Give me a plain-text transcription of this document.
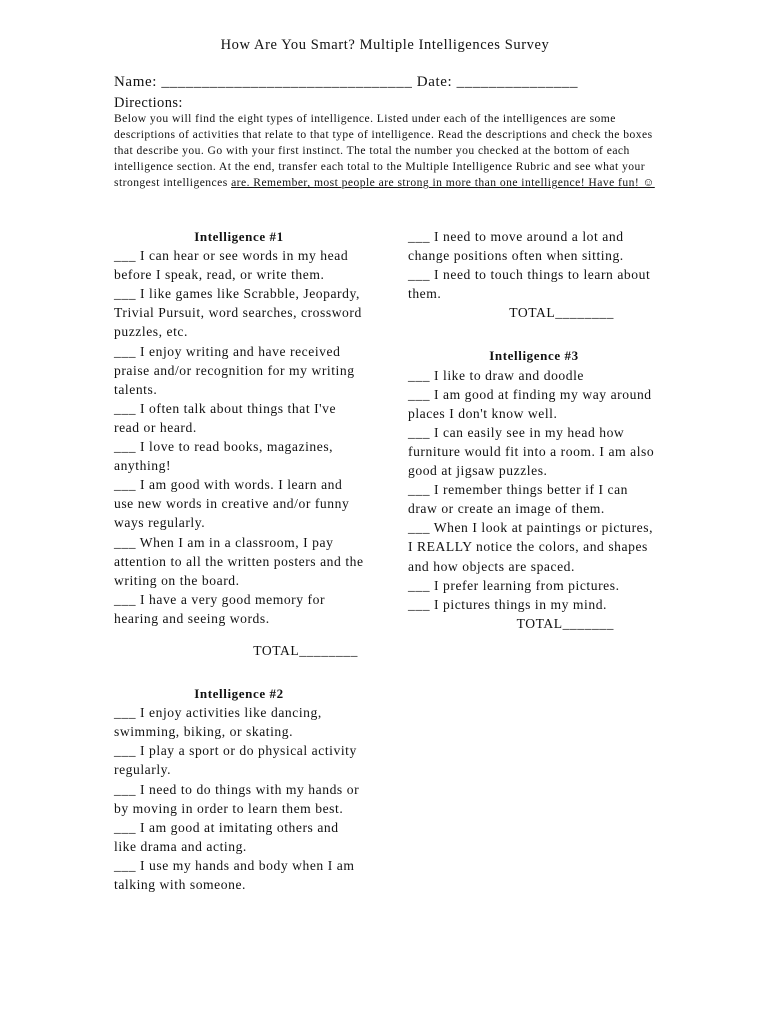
How Are You Smart? Multiple Intelligences Survey
Name: _______________________________ Date: _______________
Directions:
Below you will find the eight types of intelligence. Listed under each of the intelligences are some descriptions of activities that relate to that type of intelligence. Read the descriptions and check the boxes that describe you. Go with your first instinct. The total the number you checked at the bottom of each intelligence section. At the end, transfer each total to the Multiple Intelligence Rubric and see what your strongest intelligences are. Remember, most people are strong in more than one intelligence! Have fun! ☺
Intelligence #1

___ I can hear or see words in my head before I speak, read, or write them.

___ I like games like Scrabble, Jeopardy, Trivial Pursuit, word searches, crossword puzzles, etc.

___ I enjoy writing and have received praise and/or recognition for my writing talents.

___ I often talk about things that I've read or heard.

___ I love to read books, magazines, anything!

___ I am good with words. I learn and use new words in creative and/or funny ways regularly.

___ When I am in a classroom, I pay attention to all the written posters and the writing on the board.

___ I have a very good memory for hearing and seeing words.

TOTAL________
Intelligence #2

___ I enjoy activities like dancing, swimming, biking, or skating.

___ I play a sport or do physical activity regularly.

___ I need to do things with my hands or by moving in order to learn them best.

___ I am good at imitating others and like drama and acting.

___ I use my hands and body when I am talking with someone.

___ I need to move around a lot and change positions often when sitting.

___ I need to touch things to learn about them.

TOTAL________
Intelligence #3

___ I like to draw and doodle

___ I am good at finding my way around places I don't know well.

___ I can easily see in my head how furniture would fit into a room. I am also good at jigsaw puzzles.

___ I remember things better if I can draw or create an image of them.

___ When I look at paintings or pictures, I REALLY notice the colors, and shapes and how objects are spaced.

___ I prefer learning from pictures.

___ I pictures things in my mind.

TOTAL_______
